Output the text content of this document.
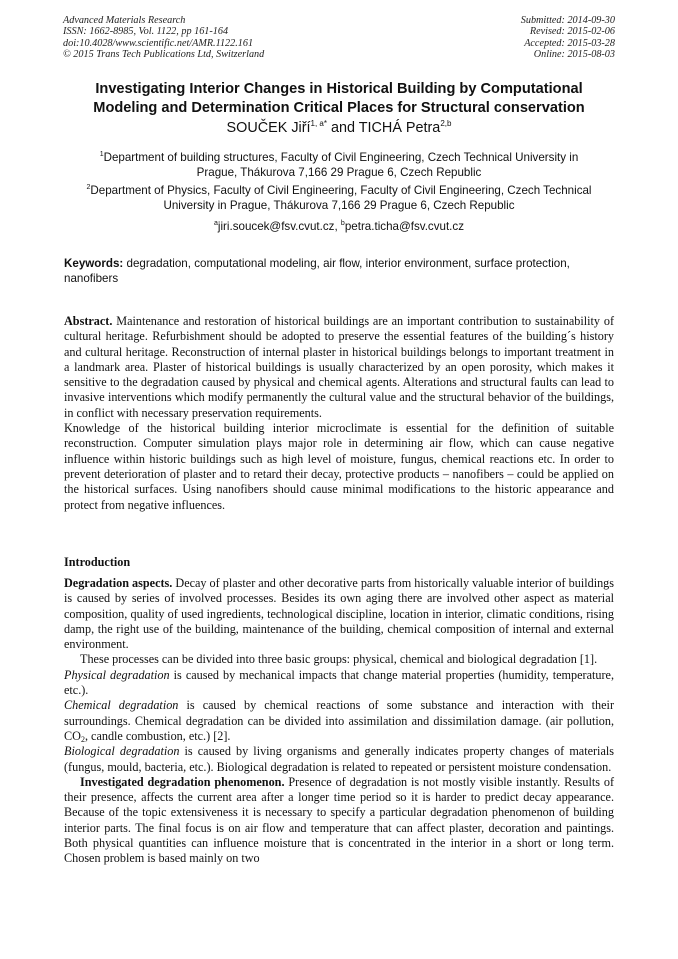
Advanced Materials Research
ISSN: 1662-8985, Vol. 1122, pp 161-164
doi:10.4028/www.scientific.net/AMR.1122.161
© 2015 Trans Tech Publications Ltd, Switzerland
Submitted: 2014-09-30
Revised: 2015-02-06
Accepted: 2015-03-28
Online: 2015-08-03
Investigating Interior Changes in Historical Building by Computational
Modeling and Determination Critical Places for Structural conservation
SOUČEK Jiří$^{1, a*}$ and TICHÁ Petra$^{2,b}$
$^1$Department of building structures, Faculty of Civil Engineering, Czech Technical University in
Prague, Thákurova 7,166 29 Prague 6, Czech Republic
$^2$Department of Physics, Faculty of Civil Engineering, Faculty of Civil Engineering, Czech Technical
University in Prague, Thákurova 7,166 29 Prague 6, Czech Republic
$^a$jiri.soucek@fsv.cvut.cz, $^b$petra.ticha@fsv.cvut.cz
Keywords: degradation, computational modeling, air flow, interior environment, surface protection, nanofibers

Abstract. Maintenance and restoration of historical buildings are an important contribution to sustainability of cultural heritage. Refurbishment should be adopted to preserve the essential features of the building´s history and cultural heritage. Reconstruction of internal plaster in historical buildings belongs to important treatment in a landmark area. Plaster of historical buildings is usually characterized by an open porosity, which makes it sensitive to the degradation caused by physical and chemical agents. Alterations and structural faults can lead to invasive interventions which modify permanently the cultural value and the structural behavior of the buildings, in conflict with necessary preservation requirements.

Knowledge of the historical building interior microclimate is essential for the definition of suitable reconstruction. Computer simulation plays major role in determining air flow, which can cause negative influence within historic buildings such as high level of moisture, fungus, chemical reactions etc. In order to prevent deterioration of plaster and to retard their decay, protective products – nanofibers – could be applied on the historical surfaces. Using nanofibers should cause minimal modifications to the historic appearance and protect from negative influences.

Introduction

Degradation aspects. Decay of plaster and other decorative parts from historically valuable interior of buildings is caused by series of involved processes. Besides its own aging there are involved other aspect as material composition, quality of used ingredients, technological discipline, location in interior, climatic conditions, rising damp, the right use of the building, maintenance of the building, chemical composition of internal and external environment.

These processes can be divided into three basic groups: physical, chemical and biological degradation [1].

Physical degradation is caused by mechanical impacts that change material properties (humidity, temperature, etc.).

Chemical degradation is caused by chemical reactions of some substance and interaction with their surroundings. Chemical degradation can be divided into assimilation and dissimilation damage. (air pollution, $CO_2$, candle combustion, etc.) [2].

Biological degradation is caused by living organisms and generally indicates property changes of materials (fungus, mould, bacteria, etc.). Biological degradation is related to repeated or persistent moisture condensation.

Investigated degradation phenomenon. Presence of degradation is not mostly visible instantly. Results of their presence, affects the current area after a longer time period so it is harder to predict decay appearance. Because of the topic extensiveness it is necessary to specify a particular degradation phenomenon of building interior parts. The final focus is on air flow and temperature that can affect plaster, decoration and paintings. Both physical quantities can influence moisture that is concentrated in the interior in a short or long term. Chosen problem is based mainly on two
